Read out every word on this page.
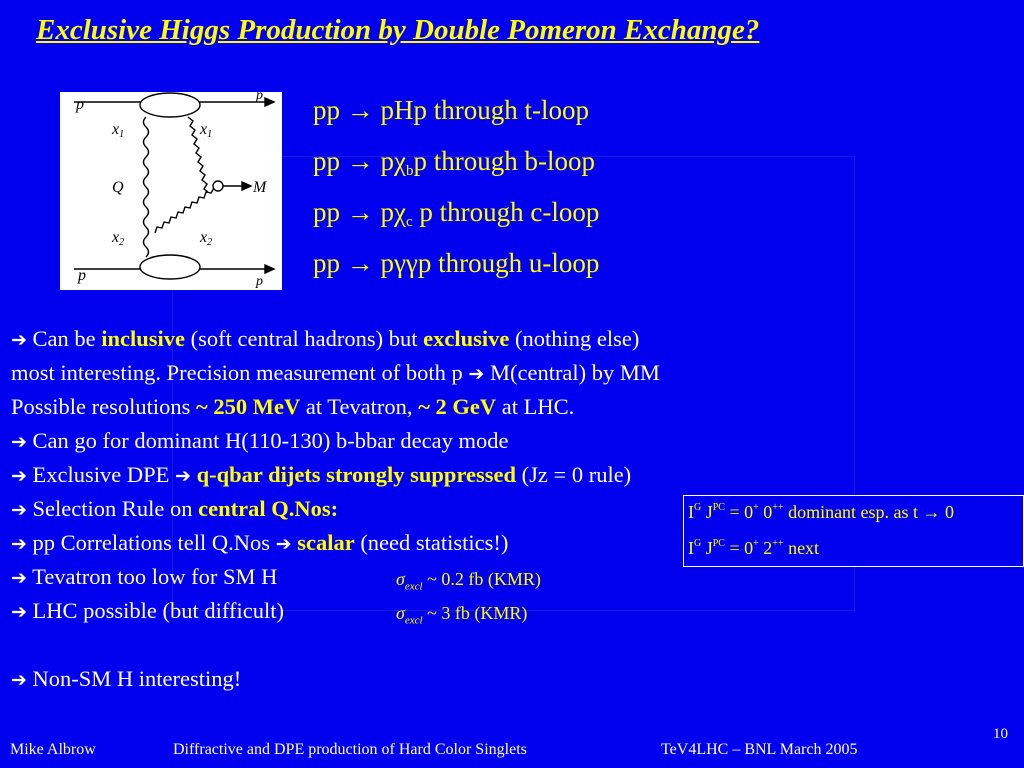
Exclusive Higgs Production by Double Pomeron Exchange?
p
p
p	p
x1	x1
x2	x2
Q	M
pp → pHp through t-loop
pp → $p\chi_bp$ through b-loop
pp → $p\chi_c$ p through c-loop
pp → pγγp through u-loop
➔ Can be inclusive (soft central hadrons) but exclusive (nothing else)
most interesting. Precision measurement of both p ➔ M(central) by MM
Possible resolutions ~ 250 MeV at Tevatron, ~ 2 GeV at LHC.
➔ Can go for dominant H(110-130) b-bbar decay mode
➔ Exclusive DPE ➔ q-qbar dijets strongly suppressed (Jz = 0 rule)
➔ Selection Rule on central Q.Nos:
➔ pp Correlations tell Q.Nos ➔ scalar (need statistics!)
➔ Tevatron too low for SM H
➔ LHC possible (but difficult)
➔ Non-SM H interesting!
$I^G$ $J^{PC} = 0^+$ 0++ dominant esp. as t → 0
$I^G$ $J^{PC} = 0^+$ 2++ next
$\sigma_{excl}$ ~ 0.2 fb (KMR)
$\sigma_{excl}$ ~ 3 fb (KMR)
Mike Albrow	Diffractive and DPE production of Hard Color Singlets	TeV4LHC – BNL March 2005
10
